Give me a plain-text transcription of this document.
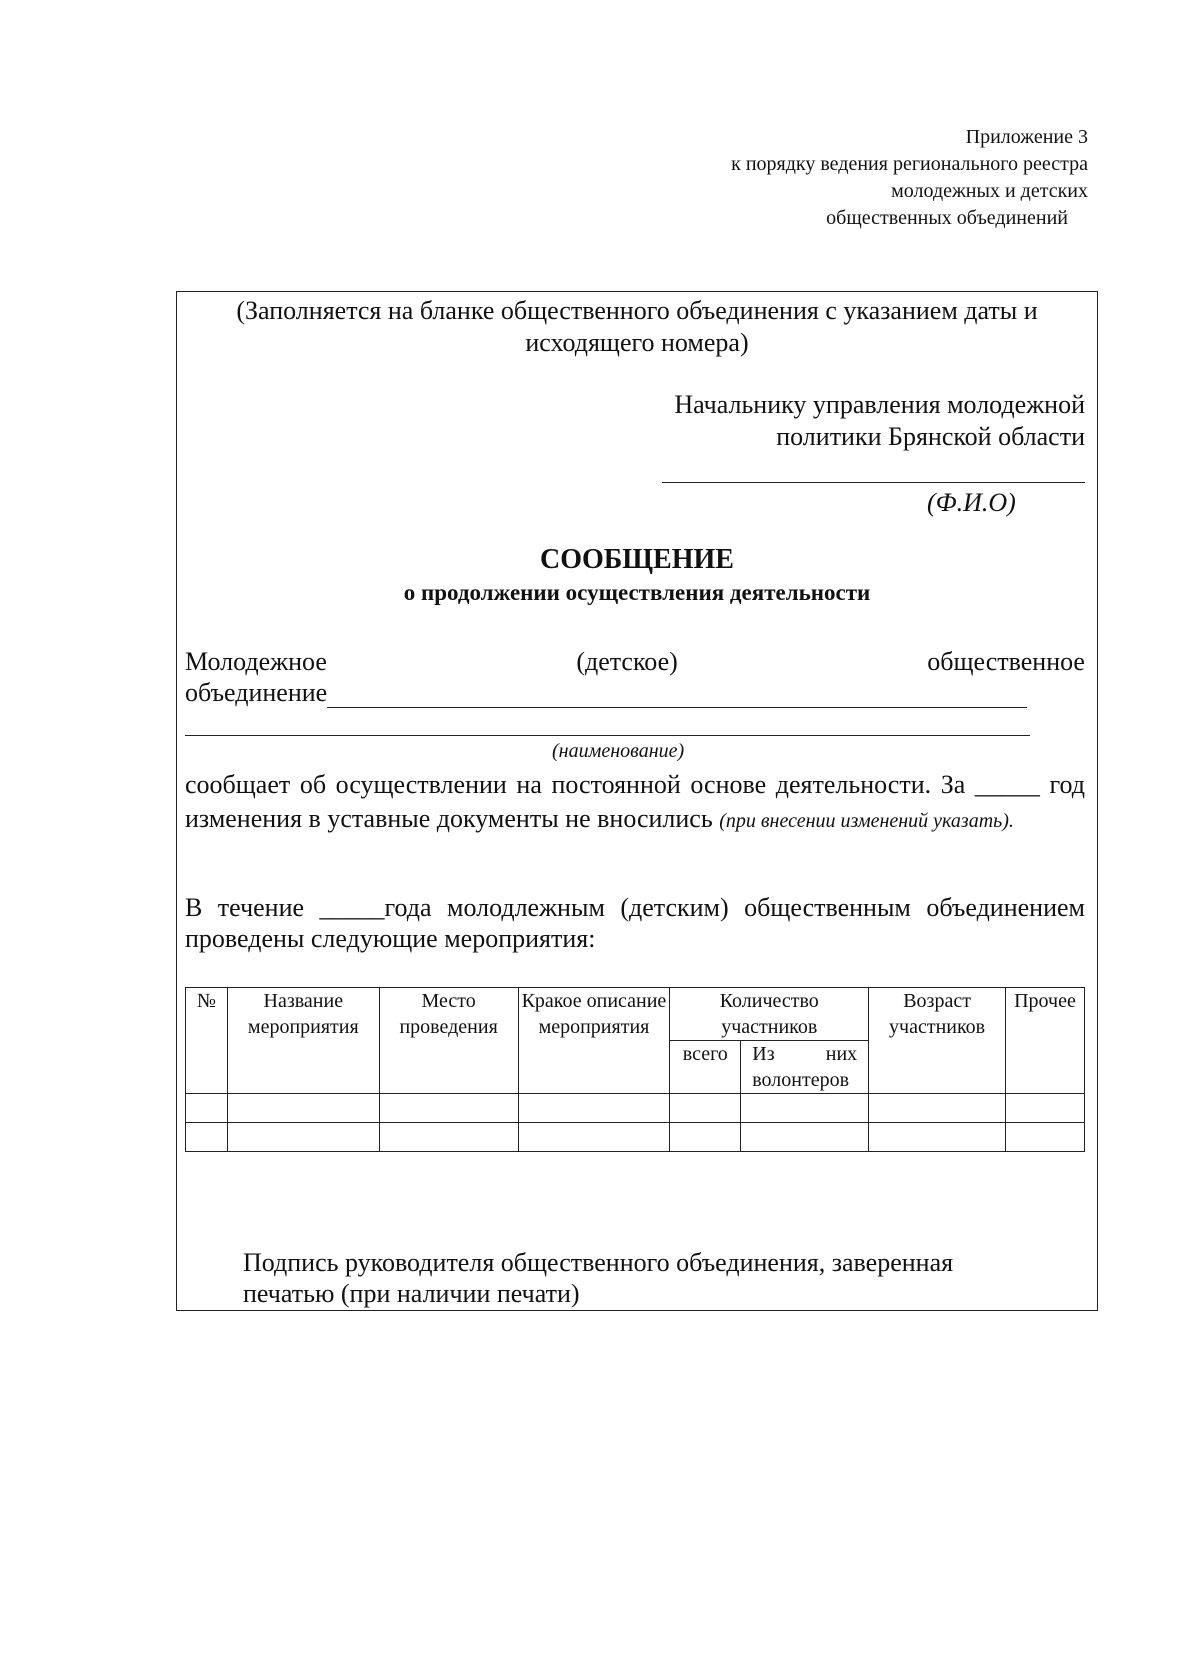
Приложение 3
к порядку ведения регионального реестра
молодежных и детских
общественных объединений

(Заполняется на бланке общественного объединения с указанием даты и

исходящего номера)

Начальнику управления молодежной

политики Брянской области

(Ф.И.О)
СООБЩЕНИЕ
о продолжении осуществления деятельности
Молодежное	(детское)	общественное
объединение
(наименование)
сообщает об осуществлении на постоянной основе деятельности. За _____ год изменения в уставные документы не вносились (при внесении изменений указать).
В течение _____года молодлежным (детским) общественным объединением проведены следующие мероприятия:
№	Название мероприятия	Место проведения	Кракое описание мероприятия	Количество участников		Возраст участников	Прочее
				всего	Из них
волонтеров		

Подпись руководителя общественного объединения, заверенная

печатью (при наличии печати)
